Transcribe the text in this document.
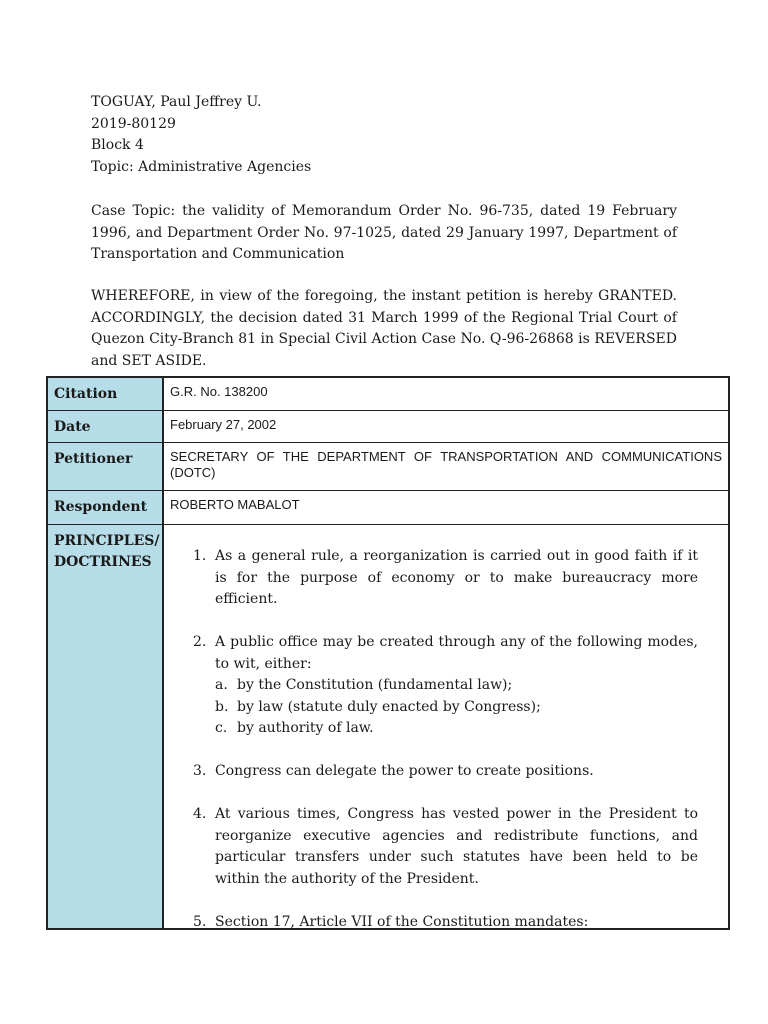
TOGUAY, Paul Jeffrey U.
2019-80129
Block 4
Topic: Administrative Agencies
Case Topic: the validity of Memorandum Order No. 96-735, dated 19 February 1996, and Department Order No. 97-1025, dated 29 January 1997, Department of Transportation and Communication
WHEREFORE, in view of the foregoing, the instant petition is hereby GRANTED. ACCORDINGLY, the decision dated 31 March 1999 of the Regional Trial Court of Quezon City-Branch 81 in Special Civil Action Case No. Q-96-26868 is REVERSED and SET ASIDE.
Citation	G.R. No. 138200
Date	February 27, 2002
Petitioner	SECRETARY OF THE DEPARTMENT OF TRANSPORTATION AND COMMUNICATIONS (DOTC)
Respondent	ROBERTO MABALOT
PRINCIPLES/ DOCTRINES	1. As a general rule, a reorganization is carried out in good faith if it is for the purpose of economy or to make bureaucracy more efficient.
2. A public office may be created through any of the following modes, to wit, either:
a. by the Constitution (fundamental law);
b. by law (statute duly enacted by Congress);
c. by authority of law.
3. Congress can delegate the power to create positions.
4. At various times, Congress has vested power in the President to reorganize executive agencies and redistribute functions, and particular transfers under such statutes have been held to be within the authority of the President.
5. Section 17, Article VII of the Constitution mandates:
